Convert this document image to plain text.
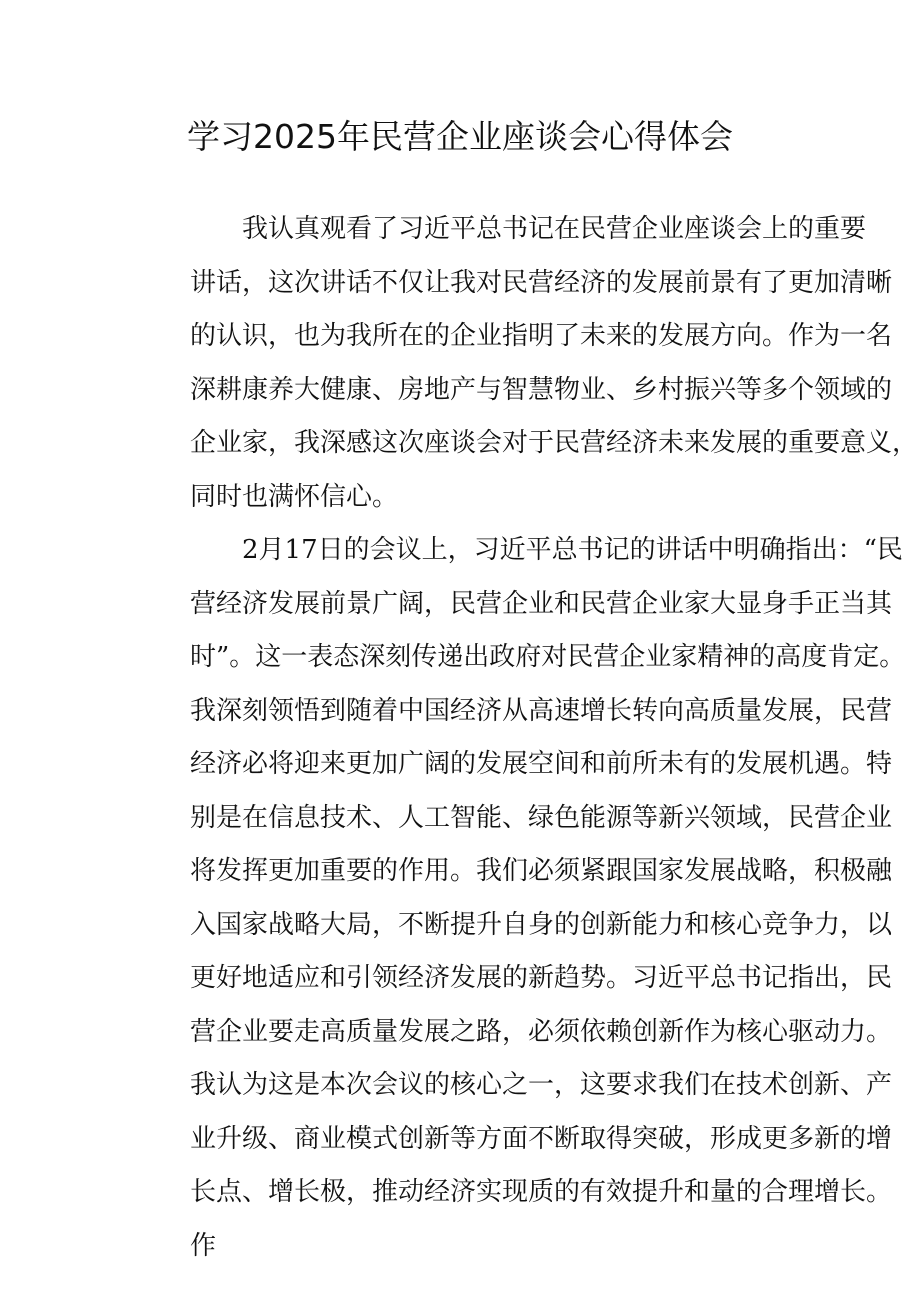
学习2025年民营企业座谈会心得体会
我认真观看了习近平总书记在民营企业座谈会上的重要
讲话，这次讲话不仅让我对民营经济的发展前景有了更加清晰
的认识，也为我所在的企业指明了未来的发展方向。作为一名
深耕康养大健康、房地产与智慧物业、乡村振兴等多个领域的
企业家，我深感这次座谈会对于民营经济未来发展的重要意义，
同时也满怀信心。
2月17日的会议上，习近平总书记的讲话中明确指出：“民
营经济发展前景广阔，民营企业和民营企业家大显身手正当其
时”。这一表态深刻传递出政府对民营企业家精神的高度肯定。
我深刻领悟到随着中国经济从高速增长转向高质量发展，民营
经济必将迎来更加广阔的发展空间和前所未有的发展机遇。特
别是在信息技术、人工智能、绿色能源等新兴领域，民营企业
将发挥更加重要的作用。我们必须紧跟国家发展战略，积极融
入国家战略大局，不断提升自身的创新能力和核心竞争力，以
更好地适应和引领经济发展的新趋势。习近平总书记指出，民
营企业要走高质量发展之路，必须依赖创新作为核心驱动力。
我认为这是本次会议的核心之一，这要求我们在技术创新、产
业升级、商业模式创新等方面不断取得突破，形成更多新的增
长点、增长极，推动经济实现质的有效提升和量的合理增长。
作
